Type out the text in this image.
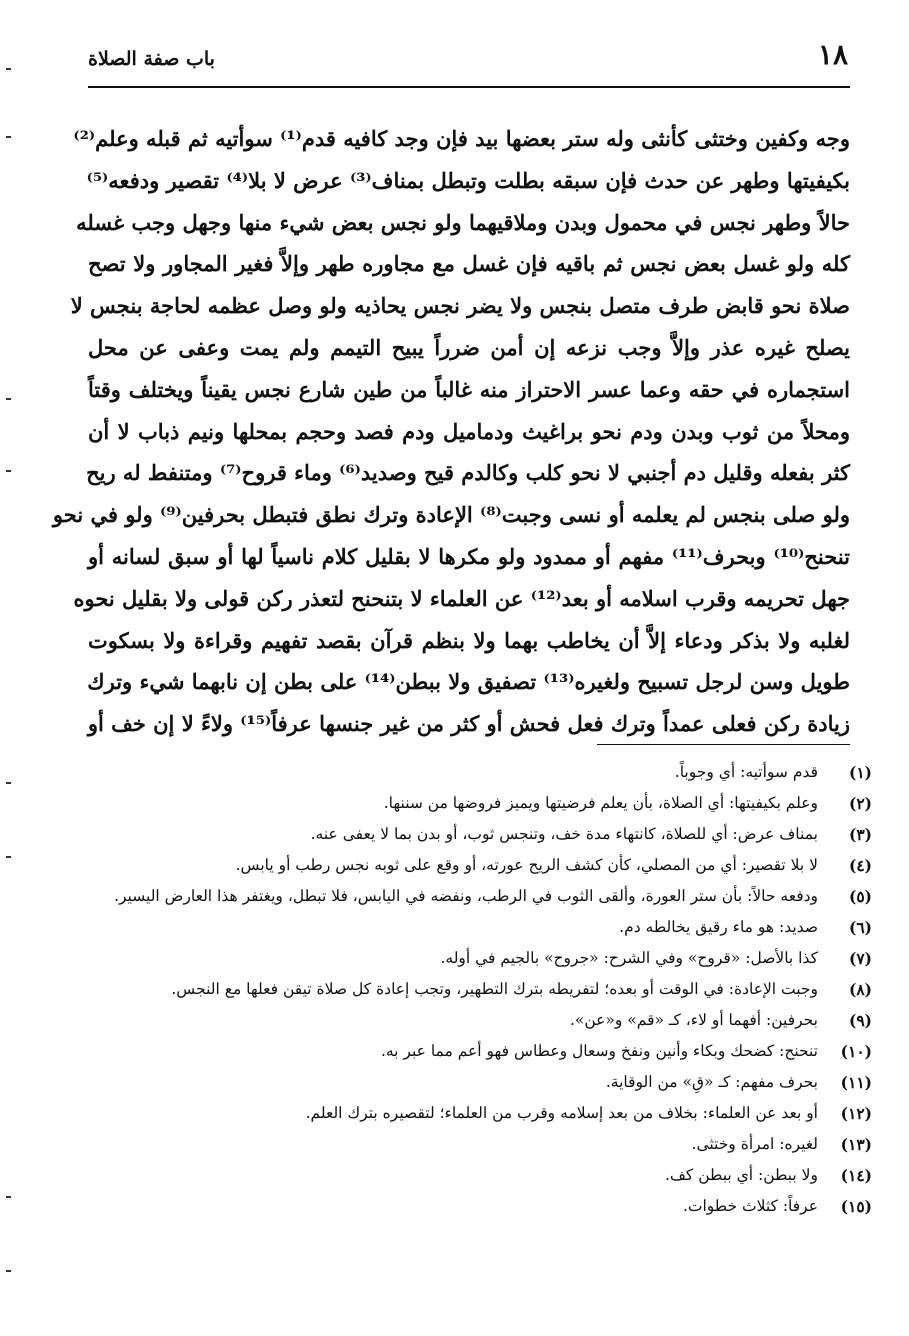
١٨
باب صفة الصلاة
وجه وكفين وختثى كأنثى وله ستر بعضها بيد فإن وجد كافيه قدم⁽¹⁾ سوأتيه ثم قبله وعلم⁽²⁾
بكيفيتها وطهر عن حدث فإن سبقه بطلت وتبطل بمناف⁽³⁾ عرض لا بلا⁽⁴⁾ تقصير ودفعه⁽⁵⁾
حالاً وطهر نجس في محمول وبدن وملاقيهما ولو نجس بعض شيء منها وجهل وجب غسله
كله ولو غسل بعض نجس ثم باقيه فإن غسل مع مجاوره طهر وإلاَّ فغير المجاور ولا تصح
صلاة نحو قابض طرف متصل بنجس ولا يضر نجس يحاذيه ولو وصل عظمه لحاجة بنجس لا
يصلح غيره عذر وإلاَّ وجب نزعه إن أمن ضرراً يبيح التيمم ولم يمت وعفى عن محل
استجماره في حقه وعما عسر الاحتراز منه غالباً من طين شارع نجس يقيناً ويختلف وقتاً
ومحلاً من ثوب وبدن ودم نحو براغيث ودماميل ودم فصد وحجم بمحلها ونيم ذباب لا أن
كثر بفعله وقليل دم أجنبي لا نحو كلب وكالدم قيح وصديد⁽⁶⁾ وماء قروح⁽⁷⁾ ومتنفط له ريح
ولو صلى بنجس لم يعلمه أو نسى وجبت⁽⁸⁾ الإعادة وترك نطق فتبطل بحرفين⁽⁹⁾ ولو في نحو
تنحنح⁽¹⁰⁾ وبحرف⁽¹¹⁾ مفهم أو ممدود ولو مكرها لا بقليل كلام ناسياً لها أو سبق لسانه أو
جهل تحريمه وقرب اسلامه أو بعد⁽¹²⁾ عن العلماء لا بتنحنح لتعذر ركن قولى ولا بقليل نحوه
لغلبه ولا بذكر ودعاء إلاَّ أن يخاطب بهما ولا بنظم قرآن بقصد تفهيم وقراءة ولا بسكوت
طويل وسن لرجل تسبيح ولغيره⁽¹³⁾ تصفيق ولا ببطن⁽¹⁴⁾ على بطن إن نابهما شيء وترك
زيادة ركن فعلى عمداً وترك فعل فحش أو كثر من غير جنسها عرفاً⁽¹⁵⁾ ولاءً لا إن خف أو
(١)
قدم سوأتيه: أي وجوباً.
(٢)
وعلم بكيفيتها: أي الصلاة، بأن يعلم فرضيتها ويميز فروضها من سننها.
(٣)
بمناف عرض: أي للصلاة، كانتهاء مدة خف، وتنجس ثوب، أو بدن بما لا يعفى عنه.
(٤)
لا بلا تقصير: أي من المصلي، كأن كشف الريح عورته، أو وقع على ثوبه نجس رطب أو يابس.
(٥)
ودفعه حالاً: بأن ستر العورة، وألقى الثوب في الرطب، ونفضه في اليابس، فلا تبطل، ويغتفر هذا العارض اليسير.
(٦)
صديد: هو ماء رقيق يخالطه دم.
(٧)
كذا بالأصل: «قروح» وفي الشرح: «جروح» بالجيم في أوله.
(٨)
وجبت الإعادة: في الوقت أو بعده؛ لتفريطه بترك التطهير، وتجب إعادة كل صلاة تيقن فعلها مع النجس.
(٩)
بحرفين: أفهما أو لاء، كـ «قم» و«عن».
(١٠)
تنحنح: كضحك وبكاء وأنين ونفخ وسعال وعطاس فهو أعم مما عبر به.
(١١)
بحرف مفهم: كـ «قِ» من الوقاية.
(١٢)
أو بعد عن العلماء: بخلاف من بعد إسلامه وقرب من العلماء؛ لتقصيره بترك العلم.
(١٣)
لغيره: امرأة وختثى.
(١٤)
ولا ببطن: أي ببطن كف.
(١٥)
عرفاً: كثلاث خطوات.
